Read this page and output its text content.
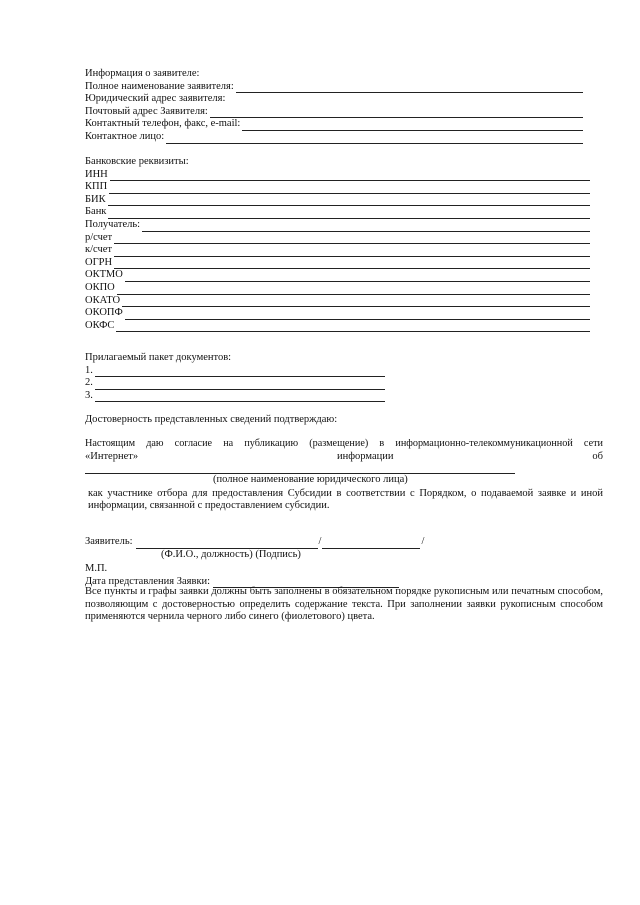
Информация о заявителе:
Полное наименование заявителя:
Юридический адрес заявителя:
Почтовый адрес Заявителя:
Контактный телефон, факс, e-mail:
Контактное лицо:
Банковские реквизиты:
ИНН
КПП
БИК
Банк
Получатель:
р/счет
к/счет
ОГРН
ОКТМО
ОКПО
ОКАТО
ОКОПФ
ОКФС
Прилагаемый пакет документов:
1.
2.
3.
Достоверность представленных сведений подтверждаю:
Настоящим даю согласие на публикацию (размещение) в информационно-телекоммуникационной сети
«Интернет»	информации	об
(полное наименование юридического лица)
как участнике отбора для предоставления Субсидии в соответствии с Порядком, о подаваемой заявке и иной информации, связанной с предоставлением субсидии.
Заявитель:	/	/
(Ф.И.О., должность) (Подпись)
М.П.
Дата представления Заявки:
Все пункты и графы заявки должны быть заполнены в обязательном порядке рукописным или печатным способом, позволяющим с достоверностью определить содержание текста. При заполнении заявки рукописным способом применяются чернила черного либо синего (фиолетового) цвета.
